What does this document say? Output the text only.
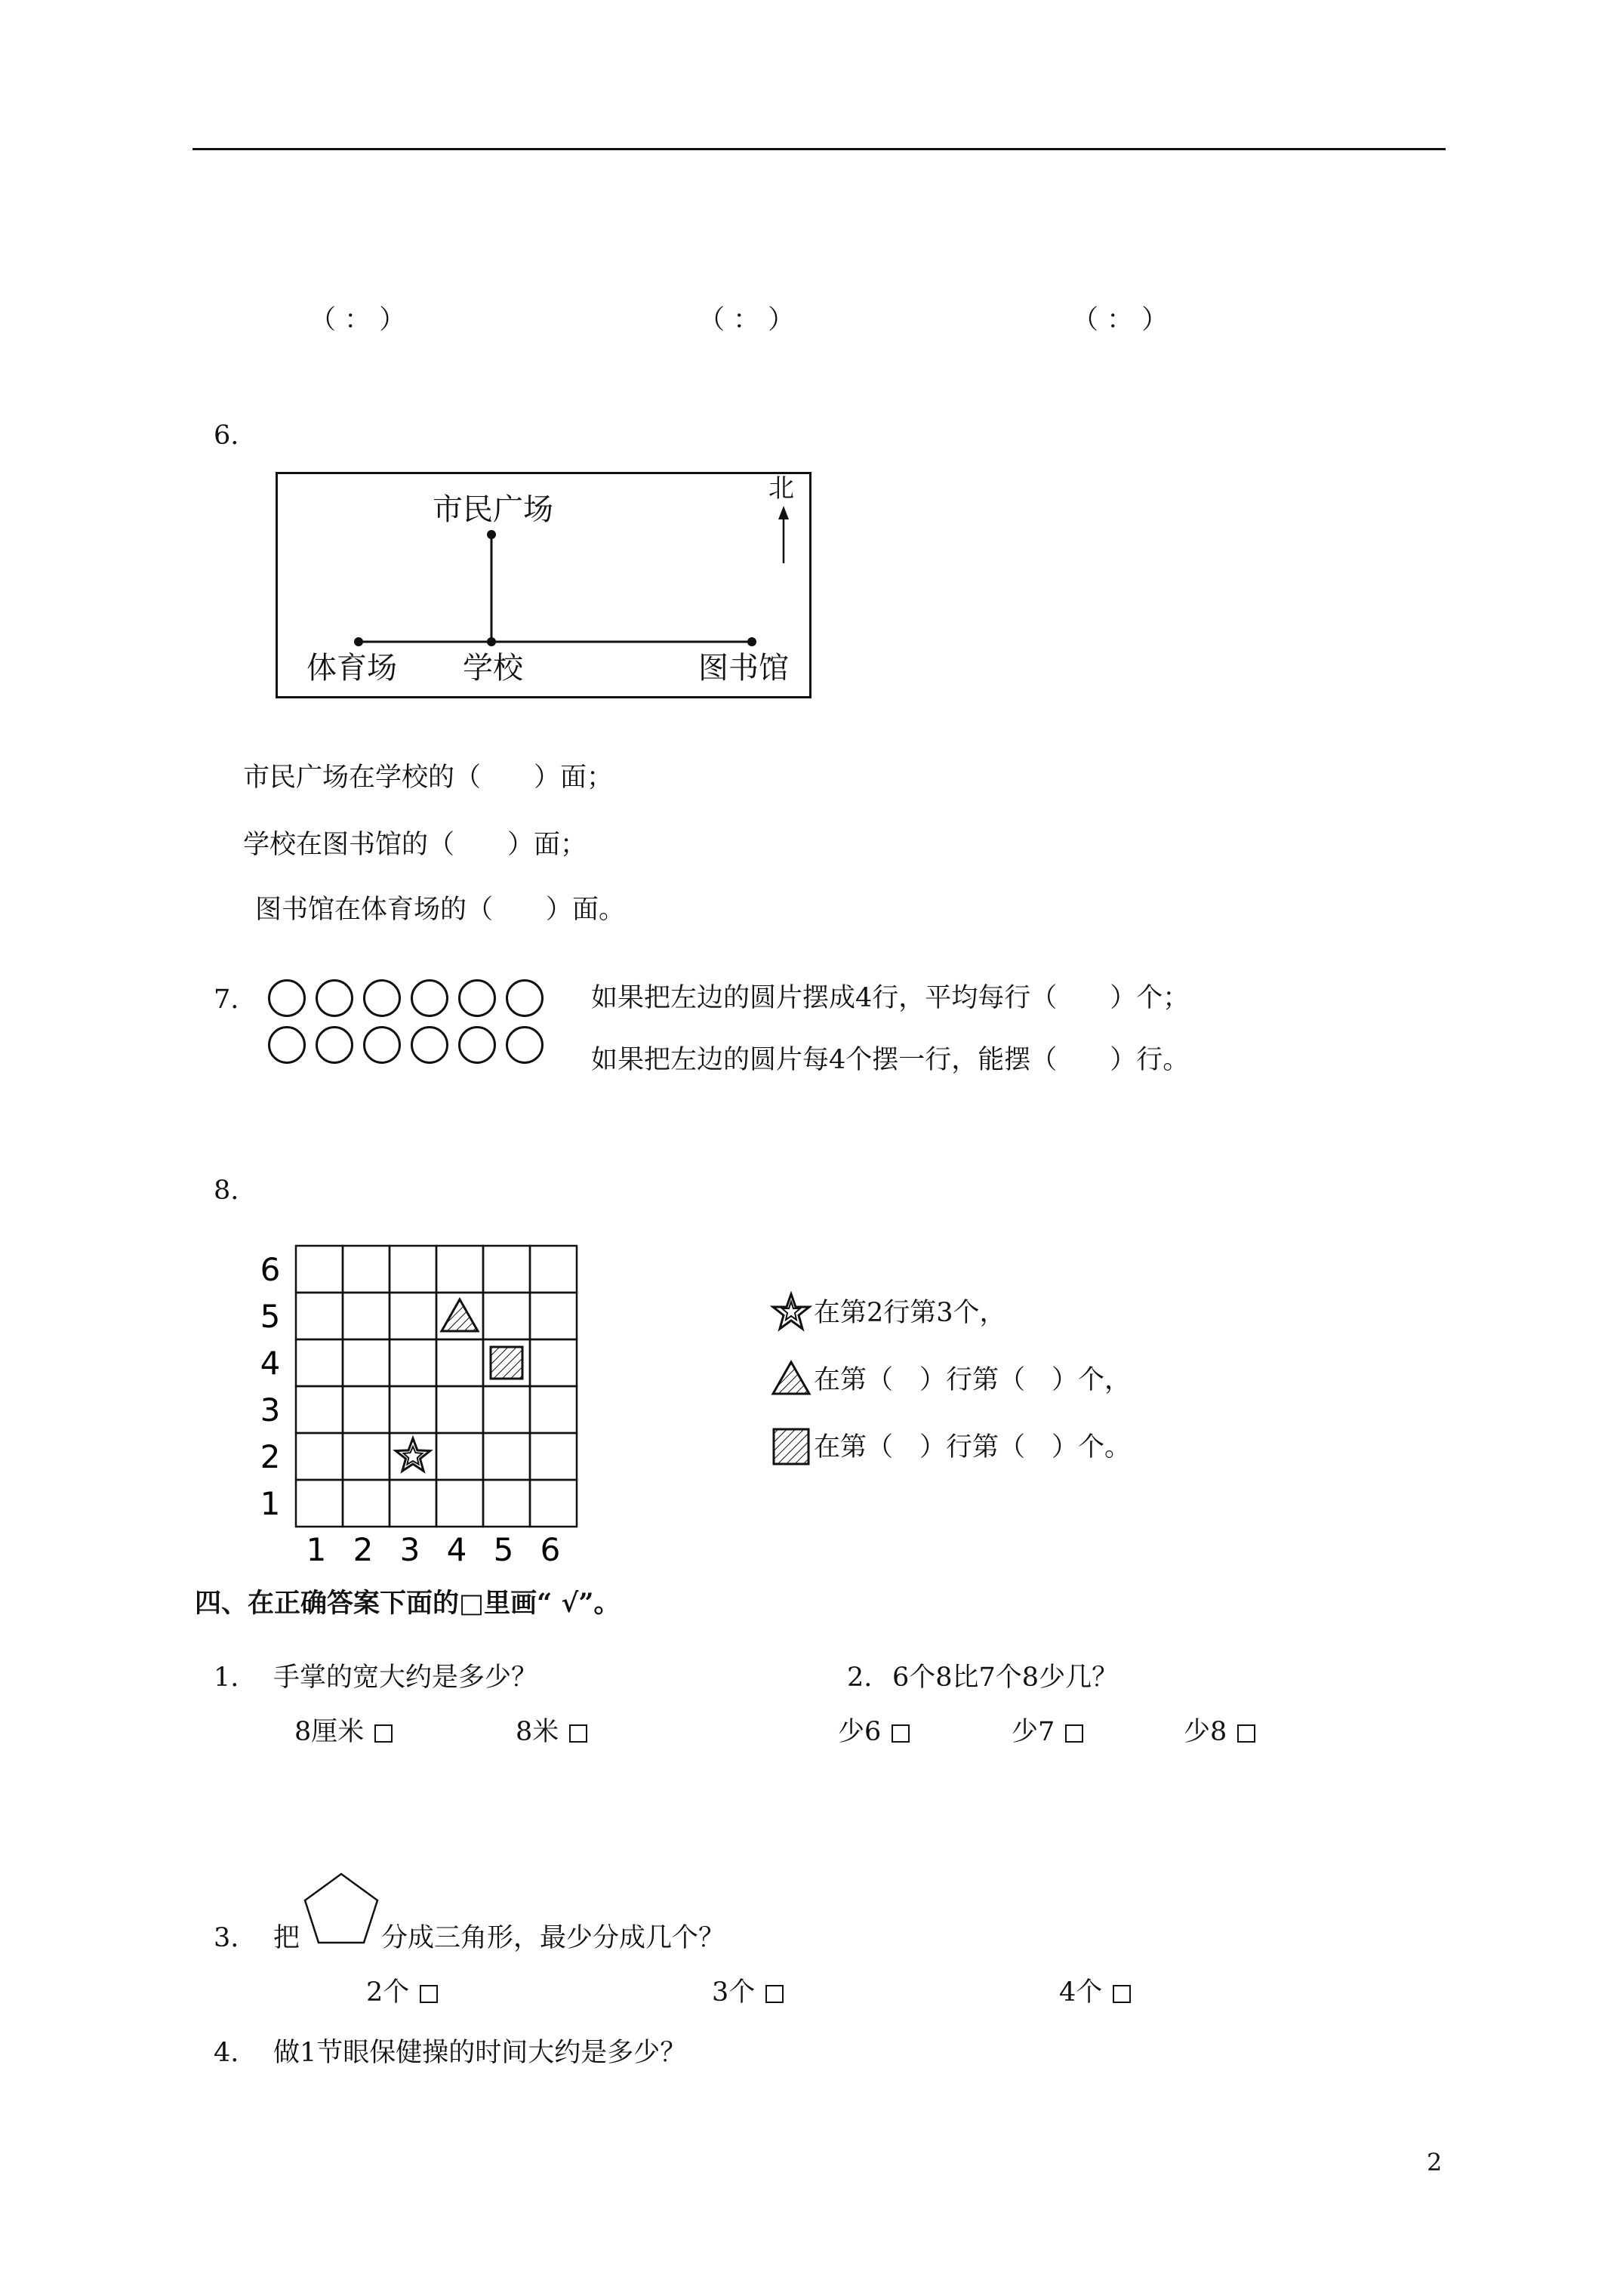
（ ： ）	（ ： ）	（ ： ）
6.
市民广场
北
体育场 学校	图书馆
市民广场在学校的（　　）面；
学校在图书馆的（　　）面；
图书馆在体育场的（　　）面。
7.	如果把左边的圆片摆成4行，平均每行（　　）个；
如果把左边的圆片每4个摆一行，能摆（　　）行。
8.
6
5
4
3
2
1
1 2 3 4 5 6
在第2行第3个，
在第（　）行第（　）个，
在第（　）行第（　）个。
四、在正确答案下面的□里画“ √”。
1. 手掌的宽大约是多少？	2. 6个8比7个8少几？
8厘米	8米	少6	少7	少8
3. 把	分成三角形，最少分成几个？
2个	3个	4个
4. 做1节眼保健操的时间大约是多少？
2
